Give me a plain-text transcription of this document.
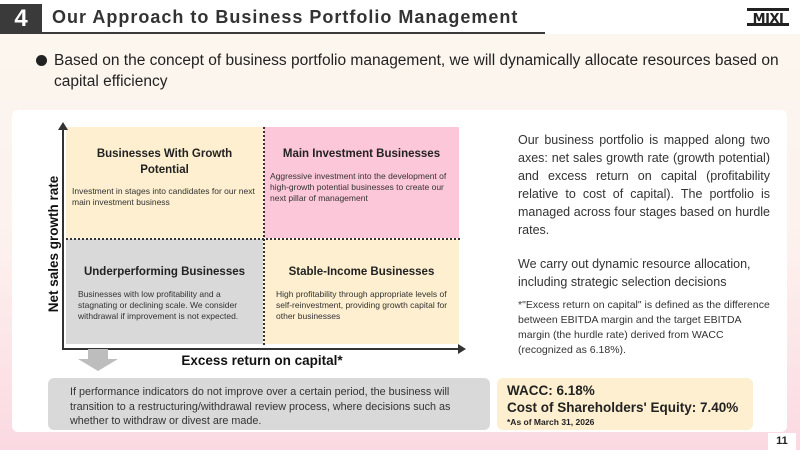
4	Our Approach to Business Portfolio Management	MIXI
Based on the concept of business portfolio management, we will dynamically allocate resources based on capital efficiency
Businesses With Growth Potential
Investment in stages into candidates for our next main investment business
Main Investment Businesses
Aggressive investment into the development of high-growth potential businesses to create our next pillar of management
Underperforming Businesses
Businesses with low profitability and a stagnating or declining scale. We consider withdrawal if improvement is not expected.
Stable-Income Businesses
High profitability through appropriate levels of self-reinvestment, providing growth capital for other businesses
Net sales growth rate
Excess return on capital*
Our business portfolio is mapped along two axes: net sales growth rate (growth potential) and excess return on capital (profitability relative to cost of capital). The portfolio is managed across four stages based on hurdle rates.
We carry out dynamic resource allocation, including strategic selection decisions
*"Excess return on capital" is defined as the difference between EBITDA margin and the target EBITDA margin (the hurdle rate) derived from WACC (recognized as 6.18%).
If performance indicators do not improve over a certain period, the business will transition to a restructuring/withdrawal review process, where decisions such as whether to withdraw or divest are made.
WACC: 6.18%
Cost of Shareholders' Equity: 7.40%
*As of March 31, 2026
11
